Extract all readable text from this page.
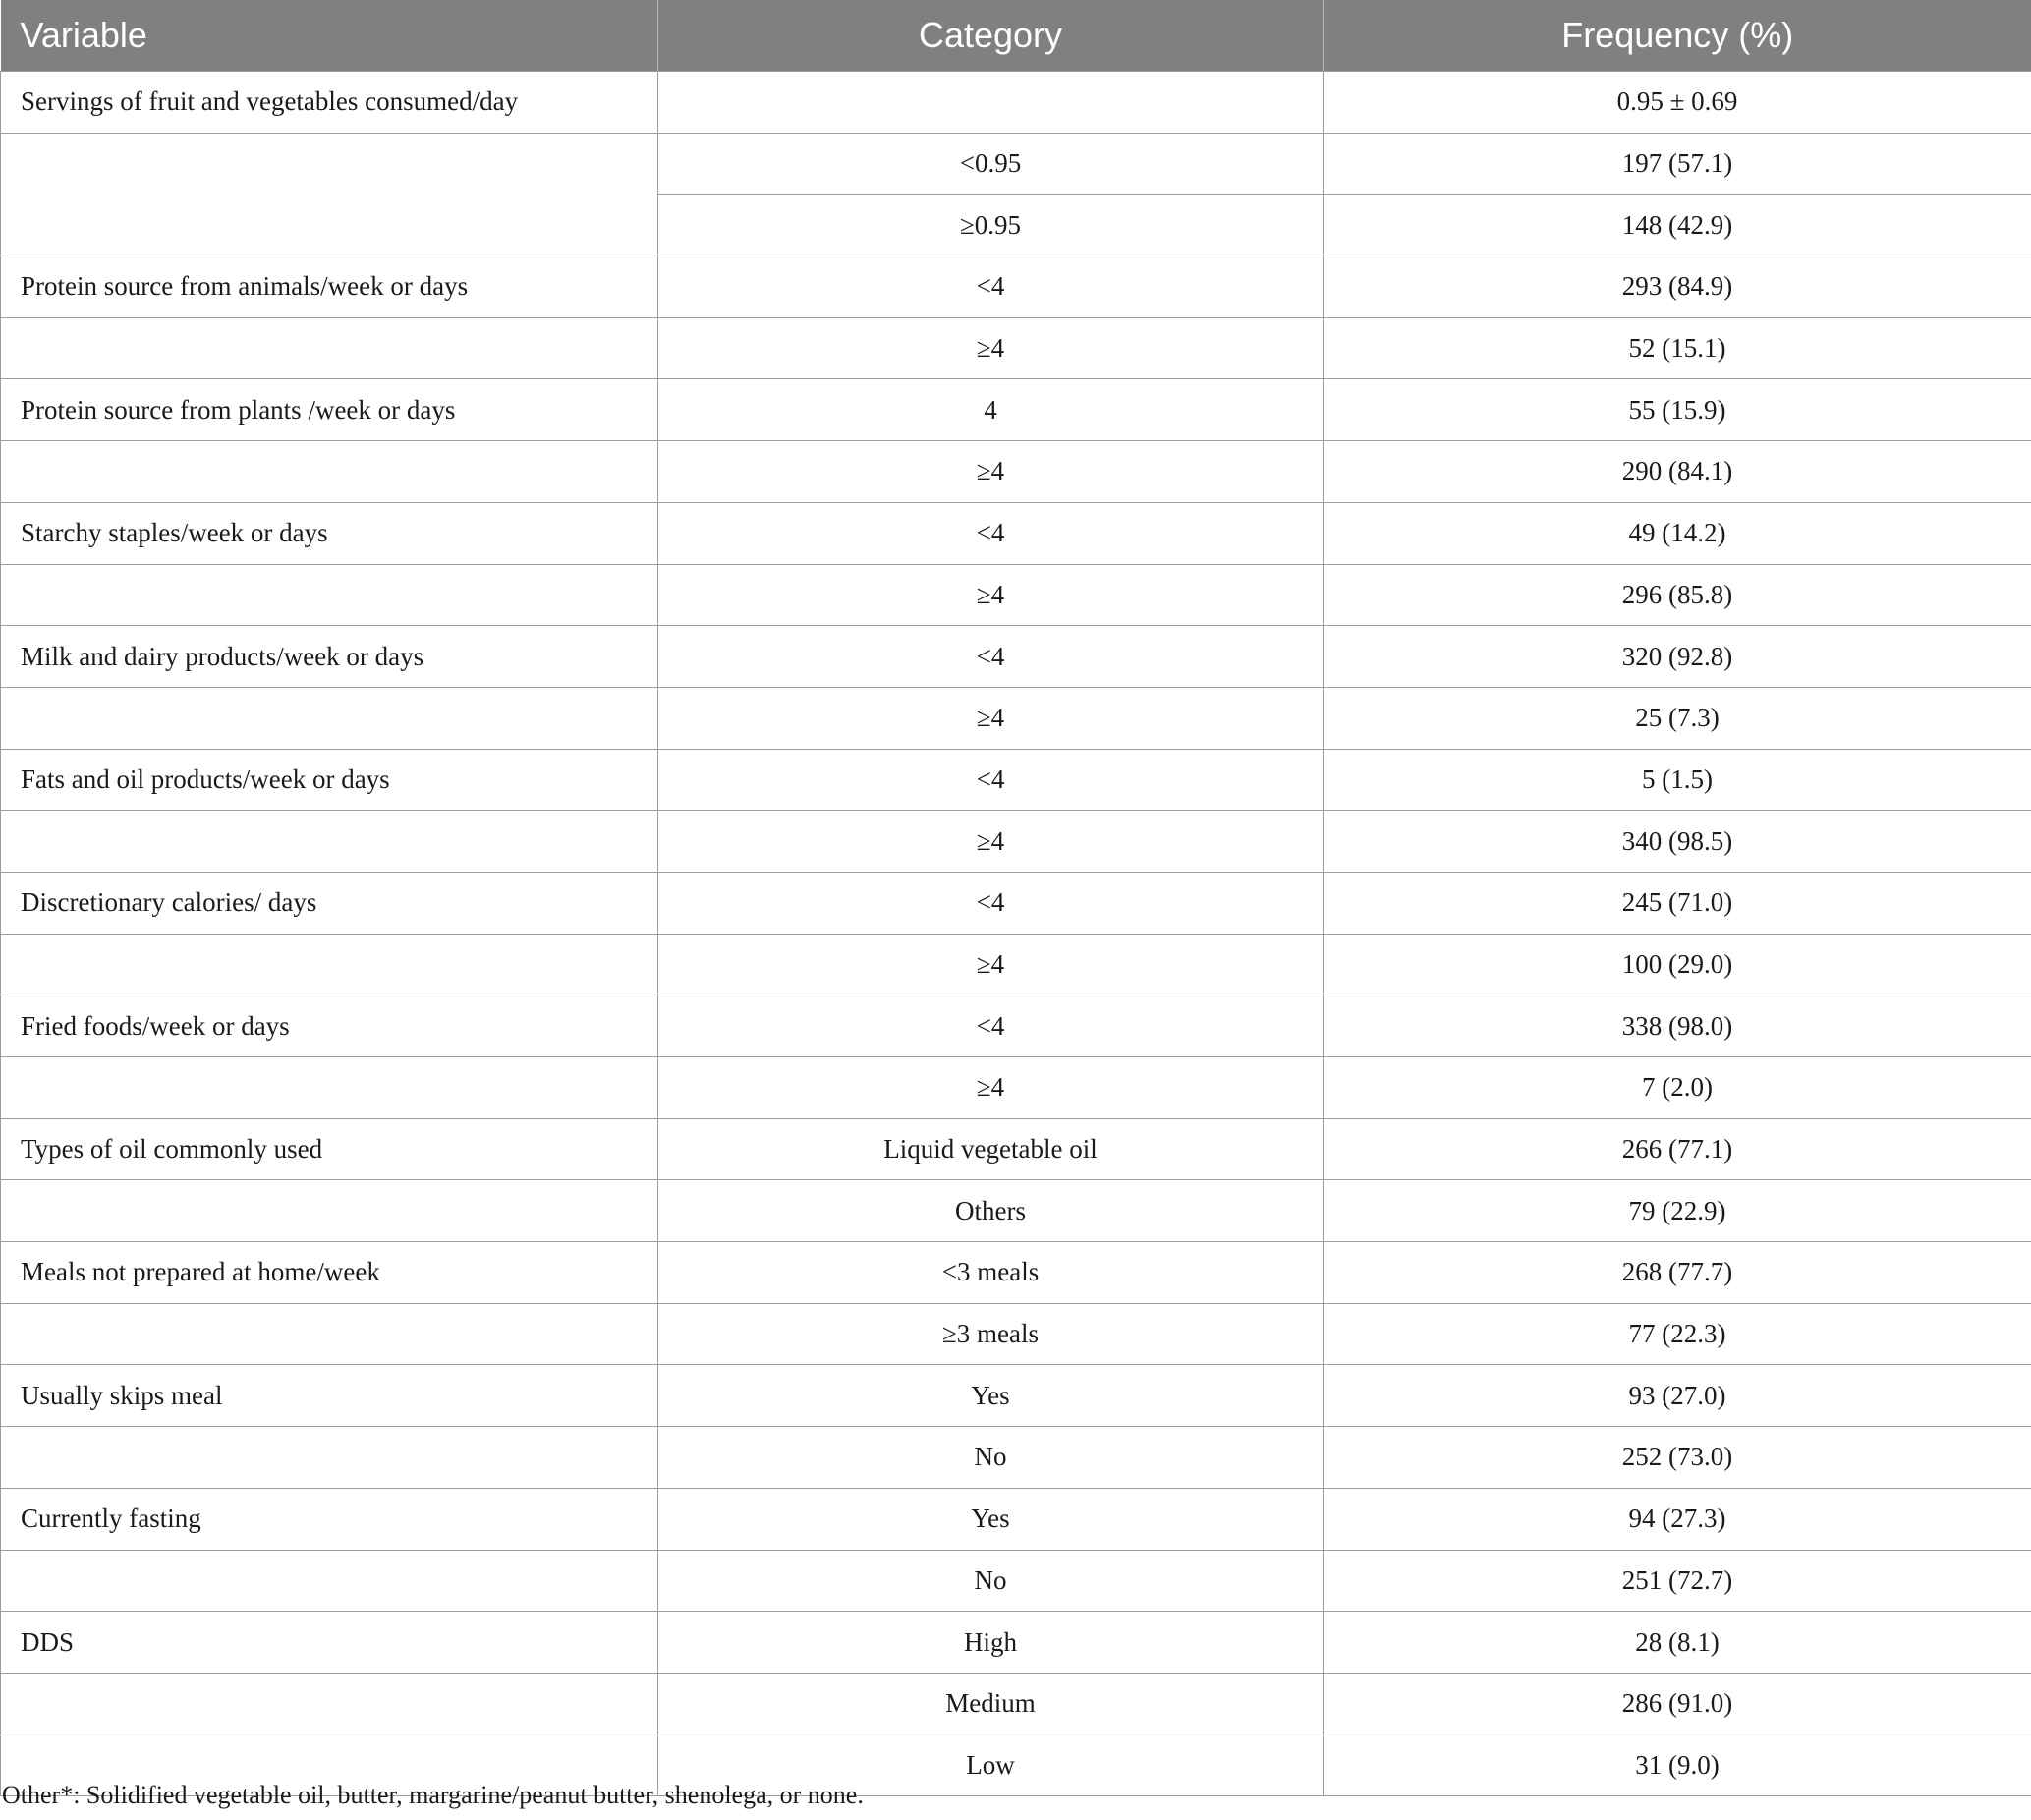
Variable	Category	Frequency (%)
Servings of fruit and vegetables consumed/day		0.95 ± 0.69
	<0.95	197 (57.1)
	≥0.95	148 (42.9)
Protein source from animals/week or days	<4	293 (84.9)
	≥4	52 (15.1)
Protein source from plants /week or days	4	55 (15.9)
	≥4	290 (84.1)
Starchy staples/week or days	<4	49 (14.2)
	≥4	296 (85.8)
Milk and dairy products/week or days	<4	320 (92.8)
	≥4	25 (7.3)
Fats and oil products/week or days	<4	5 (1.5)
	≥4	340 (98.5)
Discretionary calories/ days	<4	245 (71.0)
	≥4	100 (29.0)
Fried foods/week or days	<4	338 (98.0)
	≥4	7 (2.0)
Types of oil commonly used	Liquid vegetable oil	266 (77.1)
	Others	79 (22.9)
Meals not prepared at home/week	<3 meals	268 (77.7)
	≥3 meals	77 (22.3)
Usually skips meal	Yes	93 (27.0)
	No	252 (73.0)
Currently fasting	Yes	94 (27.3)
	No	251 (72.7)
DDS	High	28 (8.1)
	Medium	286 (91.0)
	Low	31 (9.0)
Other*: Solidified vegetable oil, butter, margarine/peanut butter, shenolega, or none.
